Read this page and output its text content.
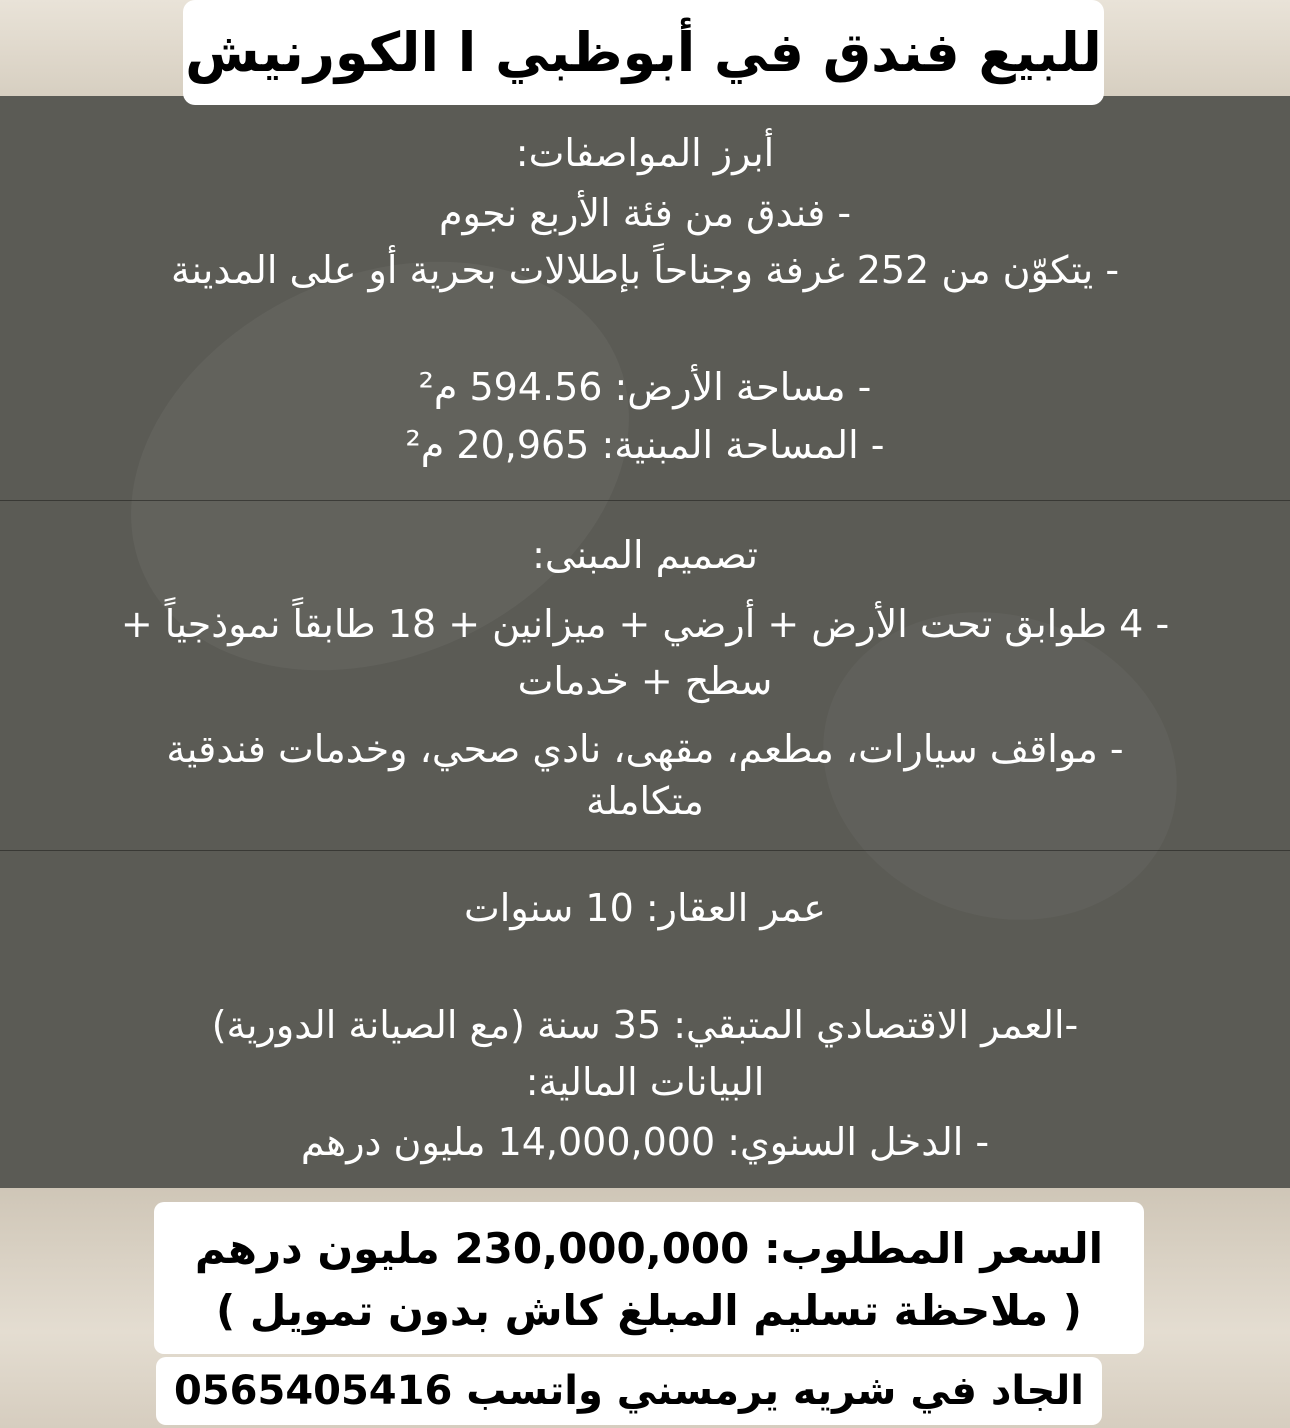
للبيع فندق في أبوظبي ا الكورنيش
أبرز المواصفات:
- فندق من فئة الأربع نجوم
- يتكوّن من 252 غرفة وجناحاً بإطلالات بحرية أو على المدينة
- مساحة الأرض: 594.56 م²
- المساحة المبنية: 20,965 م²
تصميم المبنى:
- 4 طوابق تحت الأرض + أرضي + ميزانين + 18 طابقاً نموذجياً +
سطح + خدمات
- مواقف سيارات، مطعم، مقهى، نادي صحي، وخدمات فندقية
متكاملة
عمر العقار: 10 سنوات
-العمر الاقتصادي المتبقي: 35 سنة (مع الصيانة الدورية)
البيانات المالية:
- الدخل السنوي: 14,000,000 مليون درهم
السعر المطلوب: 230,000,000 مليون درهم
( ملاحظة تسليم المبلغ كاش بدون تمويل )
الجاد في شريه يرمسني واتسب 0565405416
